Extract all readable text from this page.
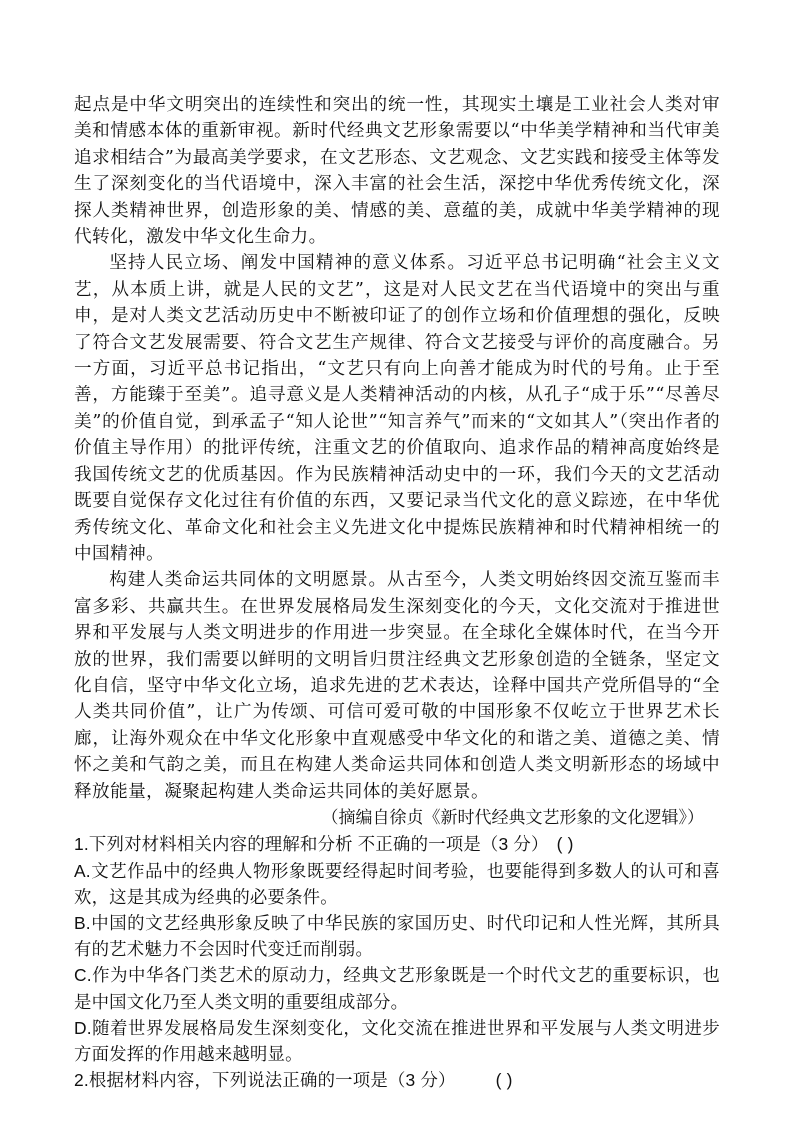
起点是中华文明突出的连续性和突出的统一性，其现实土壤是工业社会人类对审美和情感本体的重新审视。新时代经典文艺形象需要以“中华美学精神和当代审美追求相结合”为最高美学要求，在文艺形态、文艺观念、文艺实践和接受主体等发生了深刻变化的当代语境中，深入丰富的社会生活，深挖中华优秀传统文化，深探人类精神世界，创造形象的美、情感的美、意蕴的美，成就中华美学精神的现代转化，激发中华文化生命力。

坚持人民立场、阐发中国精神的意义体系。习近平总书记明确“社会主义文艺，从本质上讲，就是人民的文艺”，这是对人民文艺在当代语境中的突出与重申，是对人类文艺活动历史中不断被印证了的创作立场和价值理想的强化，反映了符合文艺发展需要、符合文艺生产规律、符合文艺接受与评价的高度融合。另一方面，习近平总书记指出，“文艺只有向上向善才能成为时代的号角。止于至善，方能臻于至美”。追寻意义是人类精神活动的内核，从孔子“成于乐”“尽善尽美”的价值自觉，到承孟子“知人论世”“知言养气”而来的“文如其人”（突出作者的价值主导作用）的批评传统，注重文艺的价值取向、追求作品的精神高度始终是我国传统文艺的优质基因。作为民族精神活动史中的一环，我们今天的文艺活动既要自觉保存文化过往有价值的东西，又要记录当代文化的意义踪迹，在中华优秀传统文化、革命文化和社会主义先进文化中提炼民族精神和时代精神相统一的中国精神。

构建人类命运共同体的文明愿景。从古至今，人类文明始终因交流互鉴而丰富多彩、共赢共生。在世界发展格局发生深刻变化的今天，文化交流对于推进世界和平发展与人类文明进步的作用进一步突显。在全球化全媒体时代，在当今开放的世界，我们需要以鲜明的文明旨归贯注经典文艺形象创造的全链条，坚定文化自信，坚守中华文化立场，追求先进的艺术表达，诠释中国共产党所倡导的“全人类共同价值”，让广为传颂、可信可爱可敬的中国形象不仅屹立于世界艺术长廊，让海外观众在中华文化形象中直观感受中华文化的和谐之美、道德之美、情怀之美和气韵之美，而且在构建人类命运共同体和创造人类文明新形态的场域中释放能量，凝聚起构建人类命运共同体的美好愿景。

（摘编自徐贞《新时代经典文艺形象的文化逻辑》）

1.下列对材料相关内容的理解和分析 不正确的一项是（3 分） ( )

A.文艺作品中的经典人物形象既要经得起时间考验，也要能得到多数人的认可和喜欢，这是其成为经典的必要条件。

B.中国的文艺经典形象反映了中华民族的家国历史、时代印记和人性光辉，其所具有的艺术魅力不会因时代变迁而削弱。

C.作为中华各门类艺术的原动力，经典文艺形象既是一个时代文艺的重要标识，也是中国文化乃至人类文明的重要组成部分。

D.随着世界发展格局发生深刻变化，文化交流在推进世界和平发展与人类文明进步方面发挥的作用越来越明显。

2.根据材料内容，下列说法正确的一项是（3 分） ( )
